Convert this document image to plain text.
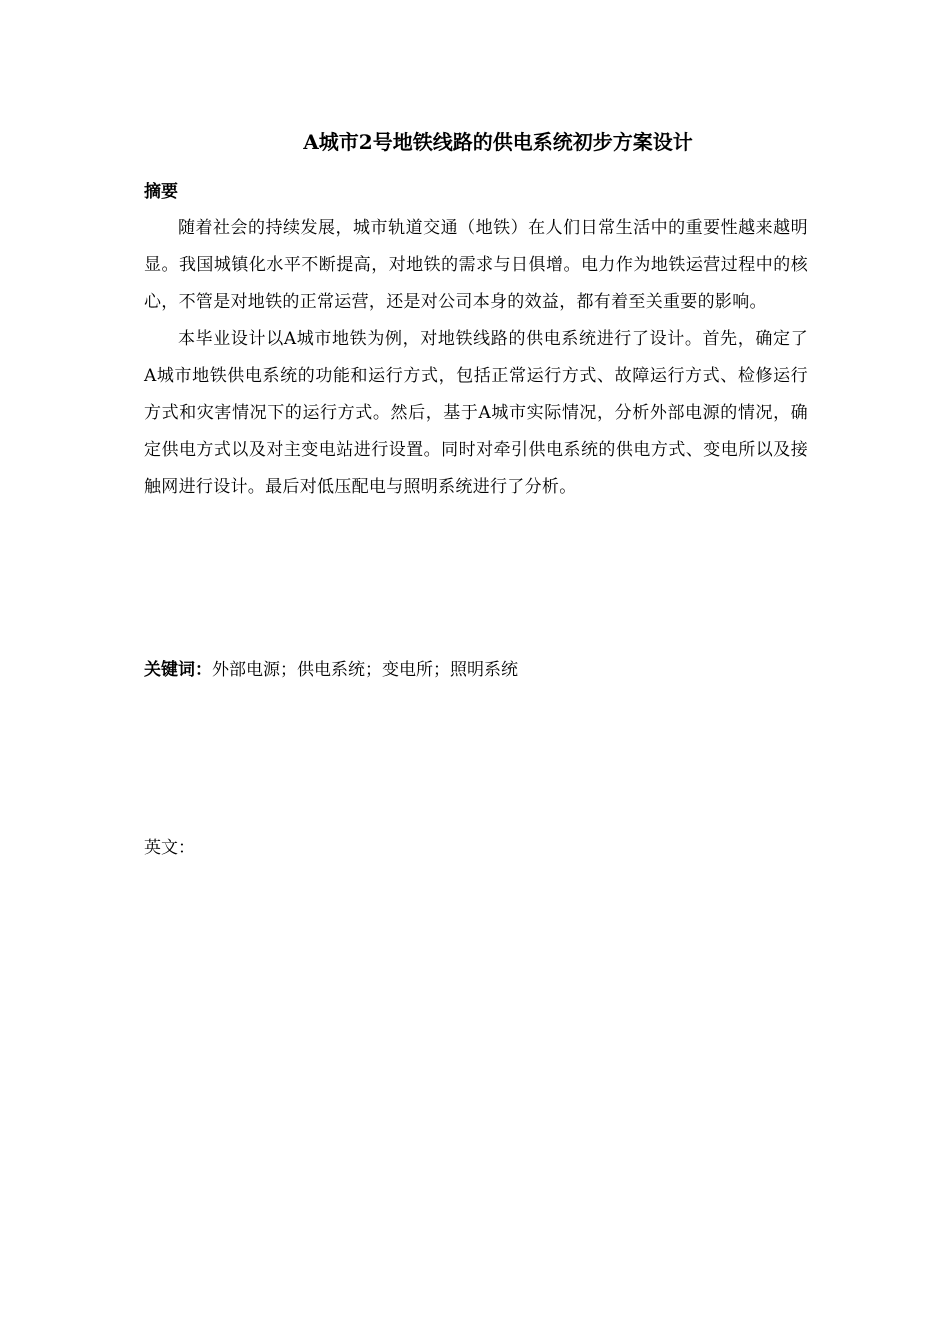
A城市2号地铁线路的供电系统初步方案设计
摘要

随着社会的持续发展，城市轨道交通（地铁）在人们日常生活中的重要性越来越明显。我国城镇化水平不断提高，对地铁的需求与日俱增。电力作为地铁运营过程中的核心，不管是对地铁的正常运营，还是对公司本身的效益，都有着至关重要的影响。

本毕业设计以A城市地铁为例，对地铁线路的供电系统进行了设计。首先，确定了A城市地铁供电系统的功能和运行方式，包括正常运行方式、故障运行方式、检修运行方式和灾害情况下的运行方式。然后，基于A城市实际情况，分析外部电源的情况，确定供电方式以及对主变电站进行设置。同时对牵引供电系统的供电方式、变电所以及接触网进行设计。最后对低压配电与照明系统进行了分析。

关键词：外部电源；供电系统；变电所；照明系统

英文：
